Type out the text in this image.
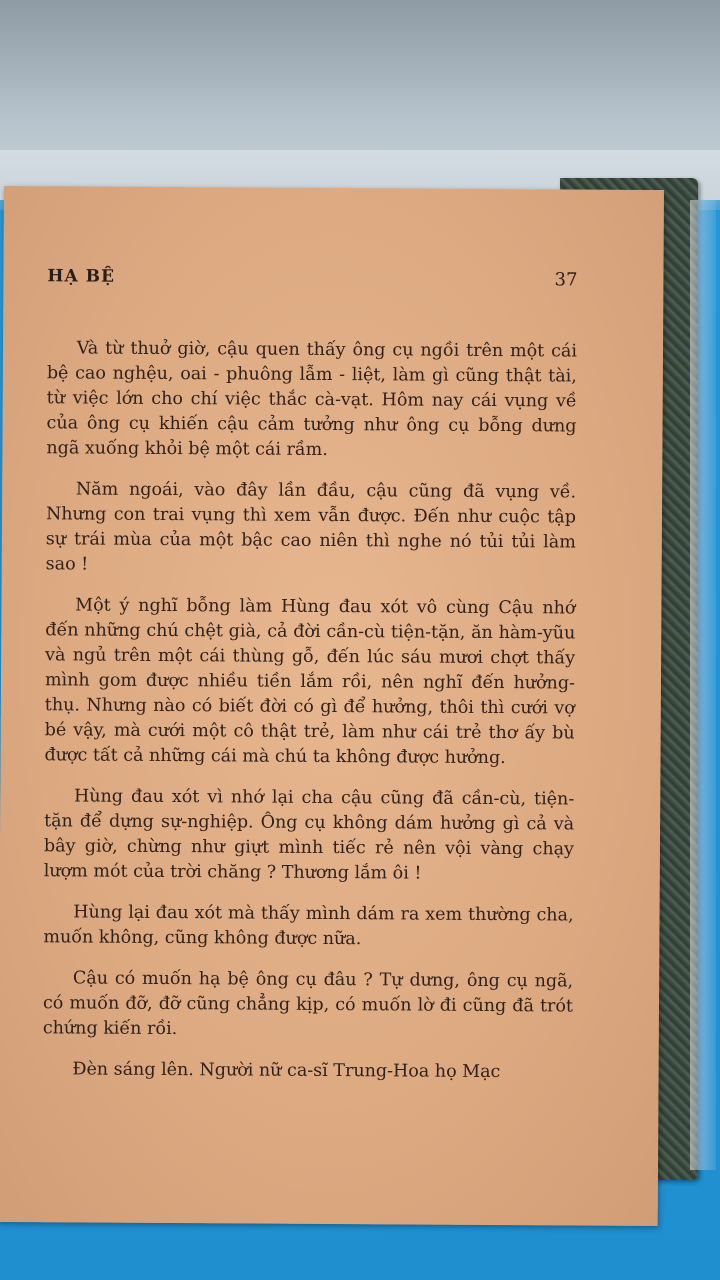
HẠ BỆ	37

Và từ thuở giờ, cậu quen thấy ông cụ ngồi trên một cái bệ cao nghệu, oai - phuông lẫm - liệt, làm gì cũng thật tài, từ việc lớn cho chí việc thắc cà-vạt. Hôm nay cái vụng về của ông cụ khiến cậu cảm tưởng như ông cụ bỗng dưng ngã xuống khỏi bệ một cái rầm.

Năm ngoái, vào đây lần đầu, cậu cũng đã vụng về. Nhưng con trai vụng thì xem vẫn được. Đến như cuộc tập sự trái mùa của một bậc cao niên thì nghe nó tủi tủi làm sao !

Một ý nghĩ bỗng làm Hùng đau xót vô cùng Cậu nhớ đến những chú chệt già, cả đời cần-cù tiện-tặn, ăn hàm-yũu và ngủ trên một cái thùng gỗ, đến lúc sáu mươi chợt thấy mình gom được nhiều tiền lắm rồi, nên nghĩ đến hưởng-thụ. Nhưng nào có biết đời có gì để hưởng, thôi thì cưới vợ bé vậy, mà cưới một cô thật trẻ, làm như cái trẻ thơ ấy bù được tất cả những cái mà chú ta không được hưởng.

Hùng đau xót vì nhớ lại cha cậu cũng đã cần-cù, tiện-tặn để dựng sự-nghiệp. Ông cụ không dám hưởng gì cả và bây giờ, chừng như giựt mình tiếc rẻ nên vội vàng chạy lượm mót của trời chăng ? Thương lắm ôi !

Hùng lại đau xót mà thấy mình dám ra xem thường cha, muốn không, cũng không được nữa.

Cậu có muốn hạ bệ ông cụ đâu ? Tự dưng, ông cụ ngã, có muốn đỡ, đỡ cũng chẳng kịp, có muốn lờ đi cũng đã trót chứng kiến rồi.

Đèn sáng lên. Người nữ ca-sĩ Trung-Hoa họ Mạc
